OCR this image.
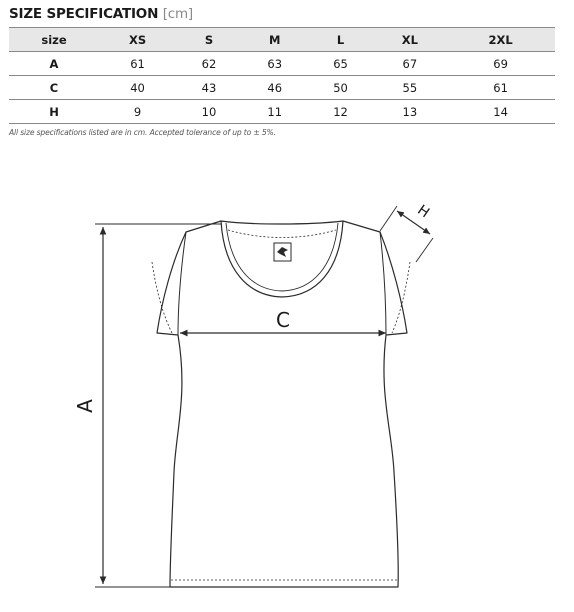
SIZE SPECIFICATION [cm]
size	XS	S	M	L	XL	2XL
A	61	62	63	65	67	69
C	40	43	46	50	55	61
H	9	10	11	12	13	14
All size specifications listed are in cm. Accepted tolerance of up to ± 5%.
A
C
H
